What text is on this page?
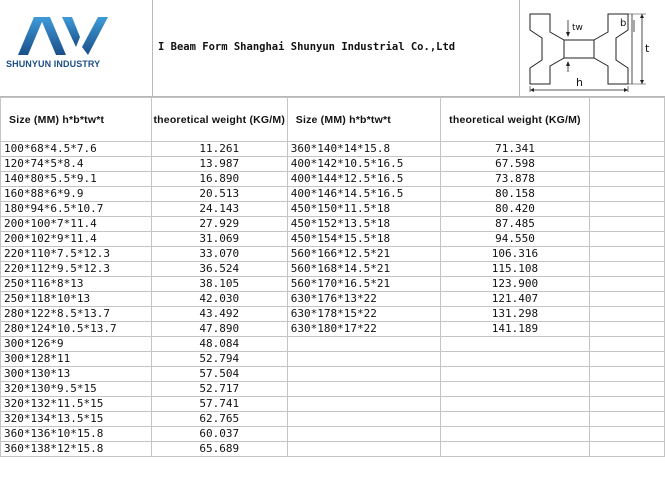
SHUNYUN INDUSTRY
I Beam Form Shanghai Shunyun Industrial Co.,Ltd
tw	b
t
h
Size (MM) h*b*tw*t	theoretical weight (KG/M)	Size (MM) h*b*tw*t	theoretical weight (KG/M)	
100*68*4.5*7.6	11.261	360*140*14*15.8	71.341	
120*74*5*8.4	13.987	400*142*10.5*16.5	67.598	
140*80*5.5*9.1	16.890	400*144*12.5*16.5	73.878	
160*88*6*9.9	20.513	400*146*14.5*16.5	80.158	
180*94*6.5*10.7	24.143	450*150*11.5*18	80.420	
200*100*7*11.4	27.929	450*152*13.5*18	87.485	
200*102*9*11.4	31.069	450*154*15.5*18	94.550	
220*110*7.5*12.3	33.070	560*166*12.5*21	106.316	
220*112*9.5*12.3	36.524	560*168*14.5*21	115.108	
250*116*8*13	38.105	560*170*16.5*21	123.900	
250*118*10*13	42.030	630*176*13*22	121.407	
280*122*8.5*13.7	43.492	630*178*15*22	131.298	
280*124*10.5*13.7	47.890	630*180*17*22	141.189	
300*126*9	48.084			
300*128*11	52.794			
300*130*13	57.504			
320*130*9.5*15	52.717			
320*132*11.5*15	57.741			
320*134*13.5*15	62.765			
360*136*10*15.8	60.037			
360*138*12*15.8	65.689			
